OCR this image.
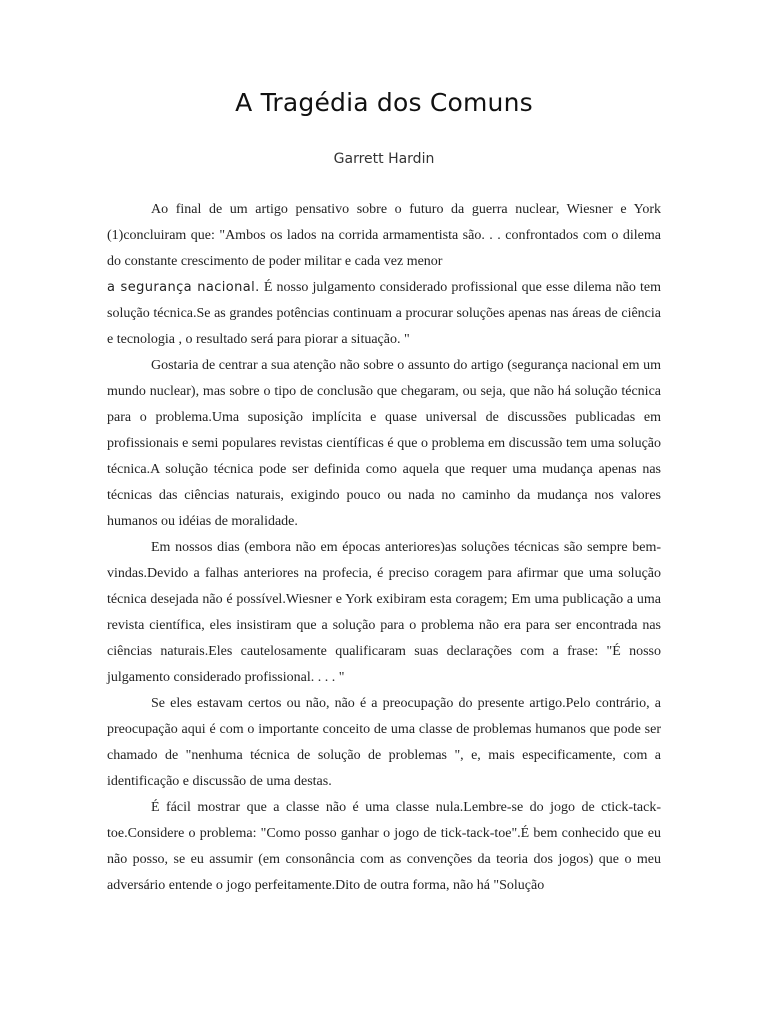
A Tragédia dos Comuns
Garrett Hardin

Ao final de um artigo pensativo sobre o futuro da guerra nuclear, Wiesner e York (1)concluiram que: "Ambos os lados na corrida armamentista são. . . confrontados com o dilema do constante crescimento de poder militar e cada vez menor
a segurança nacional. É nosso julgamento considerado profissional que esse dilema não tem solução técnica.Se as grandes potências continuam a procurar soluções apenas nas áreas de ciência e tecnologia , o resultado será para piorar a situação. "

Gostaria de centrar a sua atenção não sobre o assunto do artigo (segurança nacional em um mundo nuclear), mas sobre o tipo de conclusão que chegaram, ou seja, que não há solução técnica para o problema.Uma suposição implícita e quase universal de discussões publicadas em profissionais e semi populares revistas científicas é que o problema em discussão tem uma solução técnica.A solução técnica pode ser definida como aquela que requer uma mudança apenas nas técnicas das ciências naturais, exigindo pouco ou nada no caminho da mudança nos valores humanos ou idéias de moralidade.

Em nossos dias (embora não em épocas anteriores)as soluções técnicas são sempre bem-vindas.Devido a falhas anteriores na profecia, é preciso coragem para afirmar que uma solução técnica desejada não é possível.Wiesner e York exibiram esta coragem; Em uma publicação a uma revista científica, eles insistiram que a solução para o problema não era para ser encontrada nas ciências naturais.Eles cautelosamente qualificaram suas declarações com a frase: "É nosso julgamento considerado profissional. . . . "

Se eles estavam certos ou não, não é a preocupação do presente artigo.Pelo contrário, a preocupação aqui é com o importante conceito de uma classe de problemas humanos que pode ser chamado de "nenhuma técnica de solução de problemas ", e, mais especificamente, com a identificação e discussão de uma destas.

É fácil mostrar que a classe não é uma classe nula.Lembre-se do jogo de ctick-tack-toe.Considere o problema: "Como posso ganhar o jogo de tick-tack-toe".É bem conhecido que eu não posso, se eu assumir (em consonância com as convenções da teoria dos jogos) que o meu adversário entende o jogo perfeitamente.Dito de outra forma, não há "Solução
